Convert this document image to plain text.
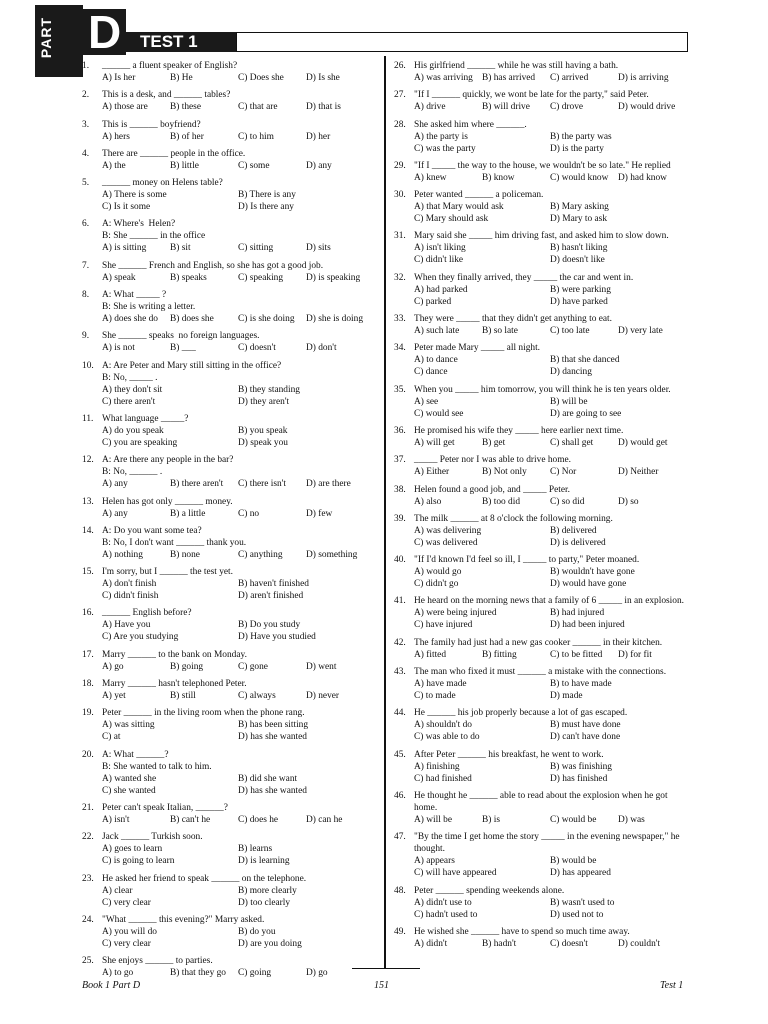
PART D	TEST 1
1. ______ a fluent speaker of English?
A) Is her	B) He	C) Does she	D) Is she
2. This is a desk, and ______ tables?
A) those are	B) these	C) that are	D) that is
3. This is ______ boyfriend?
A) hers	B) of her	C) to him	D) her
4. There are ______ people in the office.
A) the	B) little	C) some	D) any
5. ______ money on Helens table?
A) There is some	B) There is any
C) Is it some	D) Is there any
6. A: Where's  Helen?
B: She ______ in the office
A) is sitting	B) sit	C) sitting	D) sits
7. She ______ French and English, so she has got a good job.
A) speak	B) speaks	C) speaking	D) is speaking
8. A: What _____ ?
B: She is writing a letter.
A) does she do	B) does she	C) is she doing	D) she is doing
9. She ______ speaks  no foreign languages.
A) is not	B) ___	C) doesn't	D) don't
10. A: Are Peter and Mary still sitting in the office?
B: No, _____ .
A) they don't sit	B) they standing
C) there aren't	D) they aren't
11. What language _____?
A) do you speak	B) you speak
C) you are speaking	D) speak you
12. A: Are there any people in the bar?
B: No, ______ .
A) any	B) there aren't	C) there isn't	D) are there
13. Helen has got only ______ money.
A) any	B) a little	C) no	D) few
14. A: Do you want some tea?
B: No, I don't want ______ thank you.
A) nothing	B) none	C) anything	D) something
15. I'm sorry, but I ______ the test yet.
A) don't finish	B) haven't finished
C) didn't finish	D) aren't finished
16. ______ English before?
A) Have you	B) Do you study
C) Are you studying	D) Have you studied
17. Marry ______ to the bank on Monday.
A) go	B) going	C) gone	D) went
18. Marry ______ hasn't telephoned Peter.
A) yet	B) still	C) always	D) never
19. Peter ______ in the living room when the phone rang.
A) was sitting	B) has been sitting
C) at	D) has she wanted
20. A: What ______?
B: She wanted to talk to him.
A) wanted she	B) did she want
C) she wanted	D) has she wanted
21. Peter can't speak Italian, ______?
A) isn't	B) can't he	C) does he	D) can he
22. Jack ______ Turkish soon.
A) goes to learn	B) learns
C) is going to learn	D) is learning
23. He asked her friend to speak ______ on the telephone.
A) clear	B) more clearly
C) very clear	D) too clearly
24. "What ______ this evening?" Marry asked.
A) you will do	B) do you
C) very clear	D) are you doing
25. She enjoys ______ to parties.
A) to go	B) that they go	C) going	D) go
26. His girlfriend ______ while he was still having a bath.
A) was arriving B) has arrived	C) arrived	D) is arriving
27. "If I ______ quickly, we wont be late for the party," said Peter.
A) drive	B) will drive	C) drove	D) would drive
28. She asked him where ______.
A) the party is	B) the party was
C) was the party	D) is the party
29. "If I _____ the way to the house, we wouldn't be so late." He replied
A) knew	B) know	C) would know	D) had know
30. Peter wanted ______ a policeman.
A) that Mary would ask	B) Mary asking
C) Mary should ask	D) Mary to ask
31. Mary said she _____ him driving fast, and asked him to slow down.
A) isn't liking	B) hasn't liking
C) didn't like	D) doesn't like
32. When they finally arrived, they _____ the car and went in.
A) had parked	B) were parking
C) parked	D) have parked
33. They were _____ that they didn't get anything to eat.
A) such late	B) so late	C) too late	D) very late
34. Peter made Mary _____ all night.
A) to dance	B) that she danced
C) dance	D) dancing
35. When you _____ him tomorrow, you will think he is ten years older.
A) see	B) will be
C) would see	D) are going to see
36. He promised his wife they _____ here earlier next time.
A) will get	B) get	C) shall get	D) would get
37. _____ Peter nor I was able to drive home.
A) Either	B) Not only	C) Nor	D) Neither
38. Helen found a good job, and _____ Peter.
A) also	B) too did	C) so did	D) so
39. The milk ______ at 8 o'clock the following morning.
A) was delivering	B) delivered
C) was delivered	D) is delivered
40. "If I'd known I'd feel so ill, I _____ to party," Peter moaned.
A) would go	B) wouldn't have gone
C) didn't go	D) would have gone
41. He heard on the morning news that a family of 6 _____ in an explosion.
A) were being injured	B) had injured
C) have injured	D) had been injured
42. The family had just had a new gas cooker ______ in their kitchen.
A) fitted	B) fitting	C) to be fitted	D) for fit
43. The man who fixed it must ______ a mistake with the connections.
A) have made	B) to have made
C) to made	D) made
44. He ______ his job properly because a lot of gas escaped.
A) shouldn't do	B) must have done
C) was able to do	D) can't have done
45. After Peter ______ his breakfast, he went to work.
A) finishing	B) was finishing
C) had finished	D) has finished
46. He thought he ______ able to read about the explosion when he got home.
A) will be	B) is	C) would be	D) was
47. "By the time I get home the story _____ in the evening newspaper," he thought.
A) appears	B) would be
C) will have appeared	D) has appeared
48. Peter ______ spending weekends alone.
A) didn't use to	B) wasn't used to
C) hadn't used to	D) used not to
49. He wished she ______ have to spend so much time away.
A) didn't	B) hadn't	C) doesn't	D) couldn't
Book 1 Part D	151	Test 1
